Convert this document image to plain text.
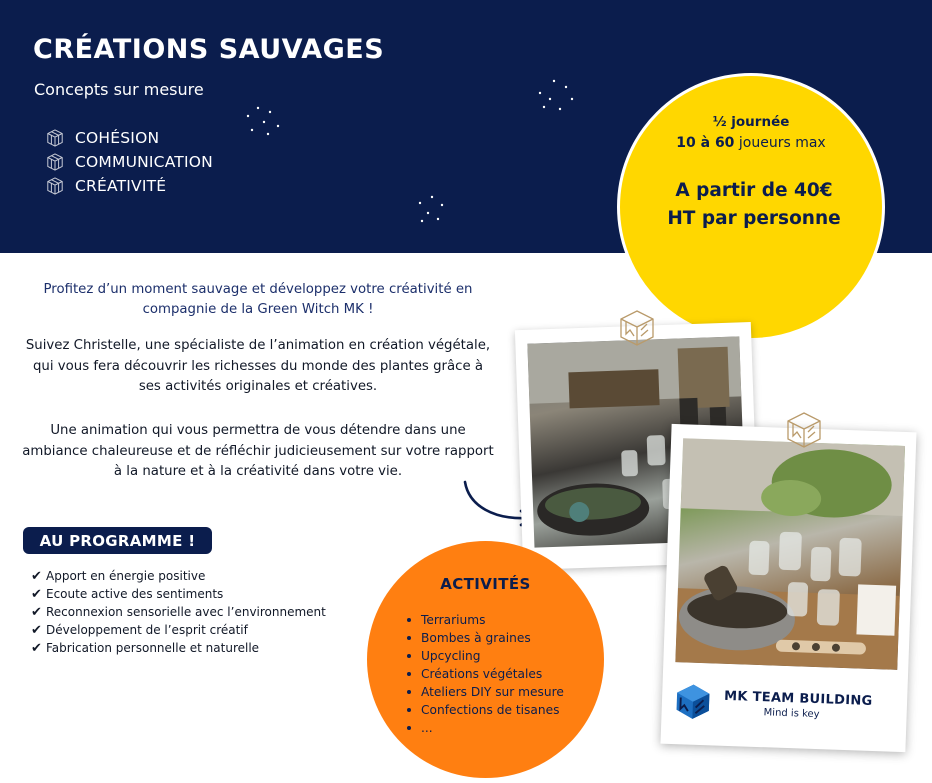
CRÉATIONS SAUVAGES
Concepts sur mesure
COHÉSION
COMMUNICATION
CRÉATIVITÉ
½ journée
10 à 60 joueurs max
A partir de 40€ HT par personne
Profitez d’un moment sauvage et développez votre créativité en compagnie de la Green Witch MK !
Suivez Christelle, une spécialiste de l’animation en création végétale, qui vous fera découvrir les richesses du monde des plantes grâce à ses activités originales et créatives.
Une animation qui vous permettra de vous détendre dans une ambiance chaleureuse et de réfléchir judicieusement sur votre rapport à la nature et à la créativité dans votre vie.
AU PROGRAMME !
✔ Apport en énergie positive
✔ Ecoute active des sentiments
✔ Reconnexion sensorielle avec l’environnement
✔ Développement de l’esprit créatif
✔ Fabrication personnelle et naturelle
MK TEAM BUILDING
Mind is key
ACTIVITÉS
Terrariums
Bombes à graines
Upcycling
Créations végétales
Ateliers DIY sur mesure
Confections de tisanes
...
